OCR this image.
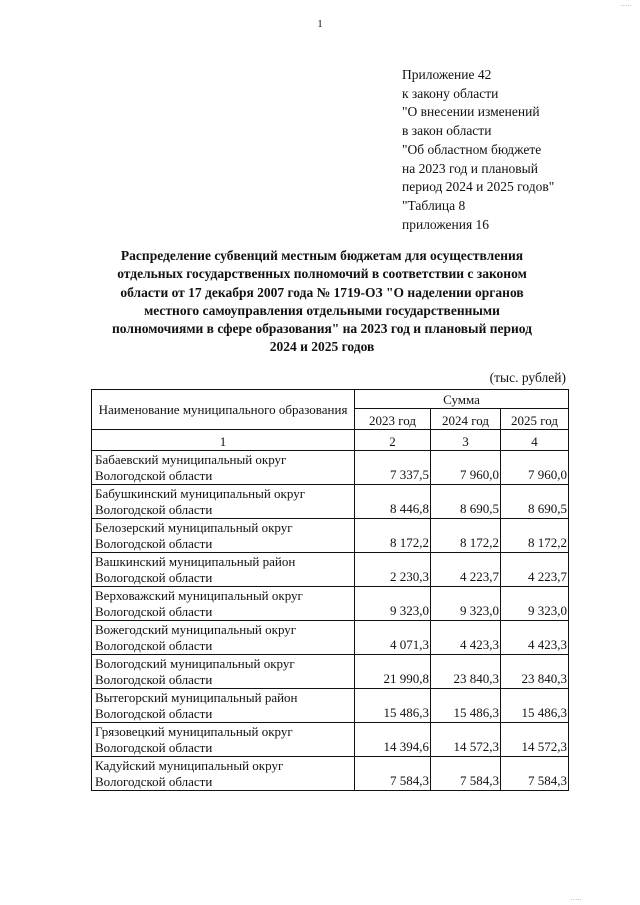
1
Приложение 42
к закону области
"О внесении изменений
в закон области
"Об областном бюджете
на 2023 год и плановый
период 2024 и 2025 годов"
"Таблица 8
приложения 16
Распределение субвенций местным бюджетам для осуществления
отдельных государственных полномочий в соответствии с законом
области от 17 декабря 2007 года № 1719-ОЗ "О наделении органов
местного самоуправления отдельными государственными
полномочиями в сфере образования" на 2023 год и плановый период
2024 и 2025 годов
(тыс. рублей)
Наименование муниципального образования	Сумма		
	2023 год	2024 год	2025 год
1	2	3	4

Бабаевский муниципальный округ
Вологодской области	7 337,5	7 960,0	7 960,0

Бабушкинский муниципальный округ
Вологодской области	8 446,8	8 690,5	8 690,5

Белозерский муниципальный округ
Вологодской области	8 172,2	8 172,2	8 172,2

Вашкинский муниципальный район
Вологодской области	2 230,3	4 223,7	4 223,7

Верховажский муниципальный округ
Вологодской области	9 323,0	9 323,0	9 323,0

Вожегодский муниципальный округ
Вологодской области	4 071,3	4 423,3	4 423,3

Вологодский муниципальный округ
Вологодской области	21 990,8	23 840,3	23 840,3

Вытегорский муниципальный район
Вологодской области	15 486,3	15 486,3	15 486,3

Грязовецкий муниципальный округ
Вологодской области	14 394,6	14 572,3	14 572,3

Кадуйский муниципальный округ
Вологодской области	7 584,3	7 584,3	7 584,3
·····
·····
